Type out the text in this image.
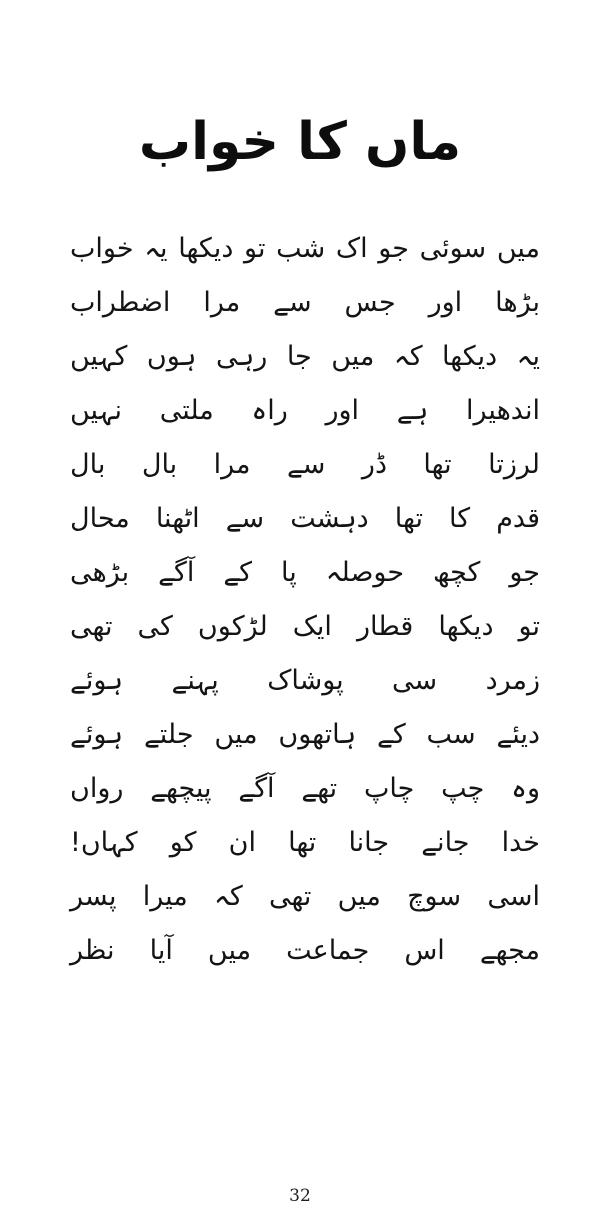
ماں کا خواب
میں سوئی جو اک شب تو دیکھا یہ خواب
بڑھا اور جس سے مرا اضطراب
یہ دیکھا کہ میں جا رہی ہوں کہیں
اندھیرا ہے اور راہ ملتی نہیں
لرزتا تھا ڈر سے مرا بال بال
قدم کا تھا دہشت سے اٹھنا محال
جو کچھ حوصلہ پا کے آگے بڑھی
تو دیکھا قطار ایک لڑکوں کی تھی
زمرد سی پوشاک پہنے ہوئے
دیئے سب کے ہاتھوں میں جلتے ہوئے
وہ چپ چاپ تھے آگے پیچھے رواں
خدا جانے جانا تھا ان کو کہاں!
اسی سوچ میں تھی کہ میرا پسر
مجھے اس جماعت میں آیا نظر
32
